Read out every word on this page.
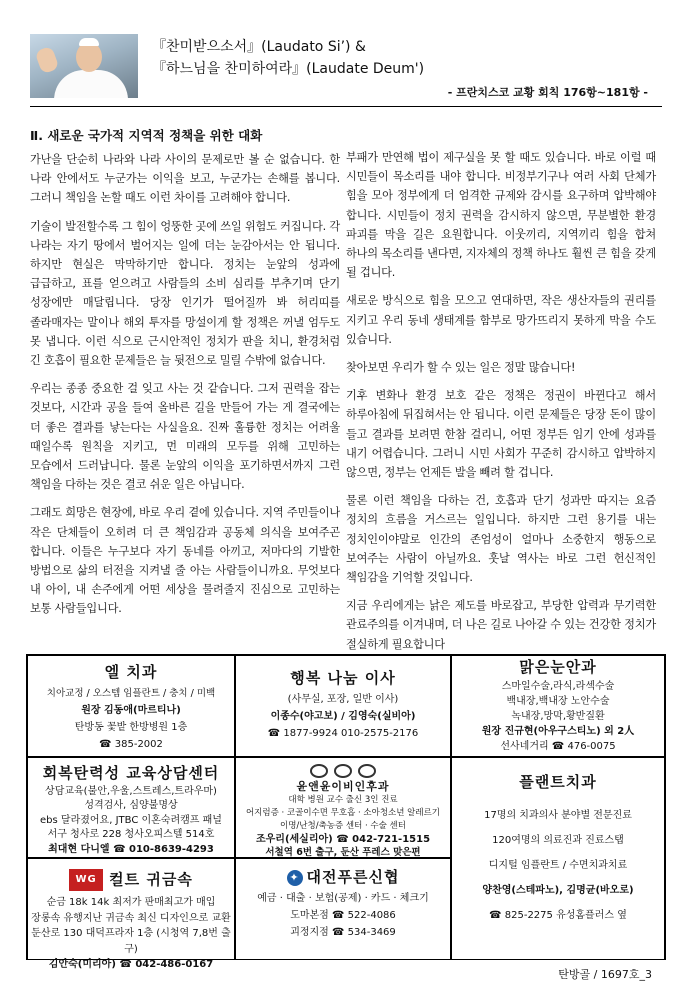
『찬미받으소서』(Laudato Si’) &
『하느님을 찬미하여라』(Laudate Deum')
- 프란치스코 교황 회칙 176항~181항 -
Ⅱ. 새로운 국가적 지역적 정책을 위한 대화

가난을 단순히 나라와 나라 사이의 문제로만 볼 순 없습니다. 한 나라 안에서도 누군가는 이익을 보고, 누군가는 손해를 봅니다. 그러니 책임을 논할 때도 이런 차이를 고려해야 합니다.

기술이 발전할수록 그 힘이 엉뚱한 곳에 쓰일 위험도 커집니다. 각 나라는 자기 땅에서 벌어지는 일에 더는 눈감아서는 안 됩니다. 하지만 현실은 막막하기만 합니다. 정치는 눈앞의 성과에 급급하고, 표를 얻으려고 사람들의 소비 심리를 부추기며 단기 성장에만 매달립니다. 당장 인기가 떨어질까 봐 허리띠를 졸라매자는 말이나 해외 투자를 망설이게 할 정책은 꺼낼 엄두도 못 냅니다. 이런 식으로 근시안적인 정치가 판을 치니, 환경처럼 긴 호흡이 필요한 문제들은 늘 뒷전으로 밀릴 수밖에 없습니다.

우리는 종종 중요한 걸 잊고 사는 것 같습니다. 그저 권력을 잡는 것보다, 시간과 공을 들여 올바른 길을 만들어 가는 게 결국에는 더 좋은 결과를 낳는다는 사실을요. 진짜 훌륭한 정치는 어려울 때일수록 원칙을 지키고, 먼 미래의 모두를 위해 고민하는 모습에서 드러납니다. 물론 눈앞의 이익을 포기하면서까지 그런 책임을 다하는 것은 결코 쉬운 일은 아닙니다.

그래도 희망은 현장에, 바로 우리 곁에 있습니다. 지역 주민들이나 작은 단체들이 오히려 더 큰 책임감과 공동체 의식을 보여주곤 합니다. 이들은 누구보다 자기 동네를 아끼고, 저마다의 기발한 방법으로 삶의 터전을 지켜낼 줄 아는 사람들이니까요. 무엇보다 내 아이, 내 손주에게 어떤 세상을 물려줄지 진심으로 고민하는 보통 사람들입니다.

부패가 만연해 법이 제구실을 못 할 때도 있습니다. 바로 이럴 때 시민들이 목소리를 내야 합니다. 비정부기구나 여러 사회 단체가 힘을 모아 정부에게 더 엄격한 규제와 감시를 요구하며 압박해야 합니다. 시민들이 정치 권력을 감시하지 않으면, 무분별한 환경 파괴를 막을 길은 요원합니다. 이웃끼리, 지역끼리 힘을 합쳐 하나의 목소리를 낸다면, 지자체의 정책 하나도 훨씬 큰 힘을 갖게 될 겁니다.

새로운 방식으로 힘을 모으고 연대하면, 작은 생산자들의 권리를 지키고 우리 동네 생태계를 함부로 망가뜨리지 못하게 막을 수도 있습니다.

찾아보면 우리가 할 수 있는 일은 정말 많습니다!

기후 변화나 환경 보호 같은 정책은 정권이 바뀐다고 해서 하루아침에 뒤집혀서는 안 됩니다. 이런 문제들은 당장 돈이 많이 들고 결과를 보려면 한참 걸리니, 어떤 정부든 임기 안에 성과를 내기 어렵습니다. 그러니 시민 사회가 꾸준히 감시하고 압박하지 않으면, 정부는 언제든 발을 빼려 할 겁니다.

물론 이런 책임을 다하는 건, 호흡과 단기 성과만 따지는 요즘 정치의 흐름을 거스르는 일입니다. 하지만 그런 용기를 내는 정치인이야말로 인간의 존엄성이 얼마나 소중한지 행동으로 보여주는 사람이 아닐까요. 훗날 역사는 바로 그런 헌신적인 책임감을 기억할 것입니다.

지금 우리에게는 낡은 제도를 바로잡고, 부당한 압력과 무기력한 관료주의를 이겨내며, 더 나은 길로 나아갈 수 있는 건강한 정치가 절실하게 필요합니다

엘 치과
치아교정 / 오스템 임플란트 / 충치 / 미백
원장 김동애(마르티나)
탄방동 꽃밭 한방병원 1층
☎ 385-2002
행복 나눔 이사
(사무실, 포장, 일반 이사)
이종수(야고보) / 김영숙(실비아)
☎ 1877-9924 010-2575-2176
맑은눈안과
스마일수술,라식,라섹수술
백내장,백내장 노안수술
녹내장,망막,황반질환
원장 진규현(아우구스티노) 외 2人
선사네거리 ☎ 476-0075
회복탄력성 교육상담센터
상담교육(불안,우울,스트레스,트라우마)
성격검사, 심양불명상
ebs 달라졌어요, JTBC 이혼숙려캠프 패널
서구 청사로 228 청사오피스텔 514호
최대현 다니엘 ☎ 010-8639-4293
윤앤윤이비인후과
대학 병원 교수 출신 3인 진료
어지럼증 · 코골이수면 무호흡 · 소아청소년 알레르기
이명/난청/축농증 센터 · 수술 센터
조우리(세실리아) ☎ 042-721-1515
서철역 6번 출구, 둔산 푸레스 맞은편
플랜트치과
17명의 치과의사 분야별 전문진료
120여명의 의료진과 진료스탭
디지털 임플란트 / 수면치과치료
양찬영(스테파노), 김명균(바오로)
☎ 825-2275 유성홈플러스 옆
WG 컬트 귀금속
순금 18k 14k 최저가 판매최고가 매입
장롱속 유행지난 귀금속 최신 디자인으로 교환
둔산로 130 대덕프라자 1층 (시청역 7,8번 출구)
김안숙(미리아) ☎ 042-486-0167
✦ 대전푸른신협
예금 · 대출 · 보험(공제) · 카드 · 체크기
도마본점 ☎ 522-4086
괴정지점 ☎ 534-3469
탄방골 / 1697호_3
